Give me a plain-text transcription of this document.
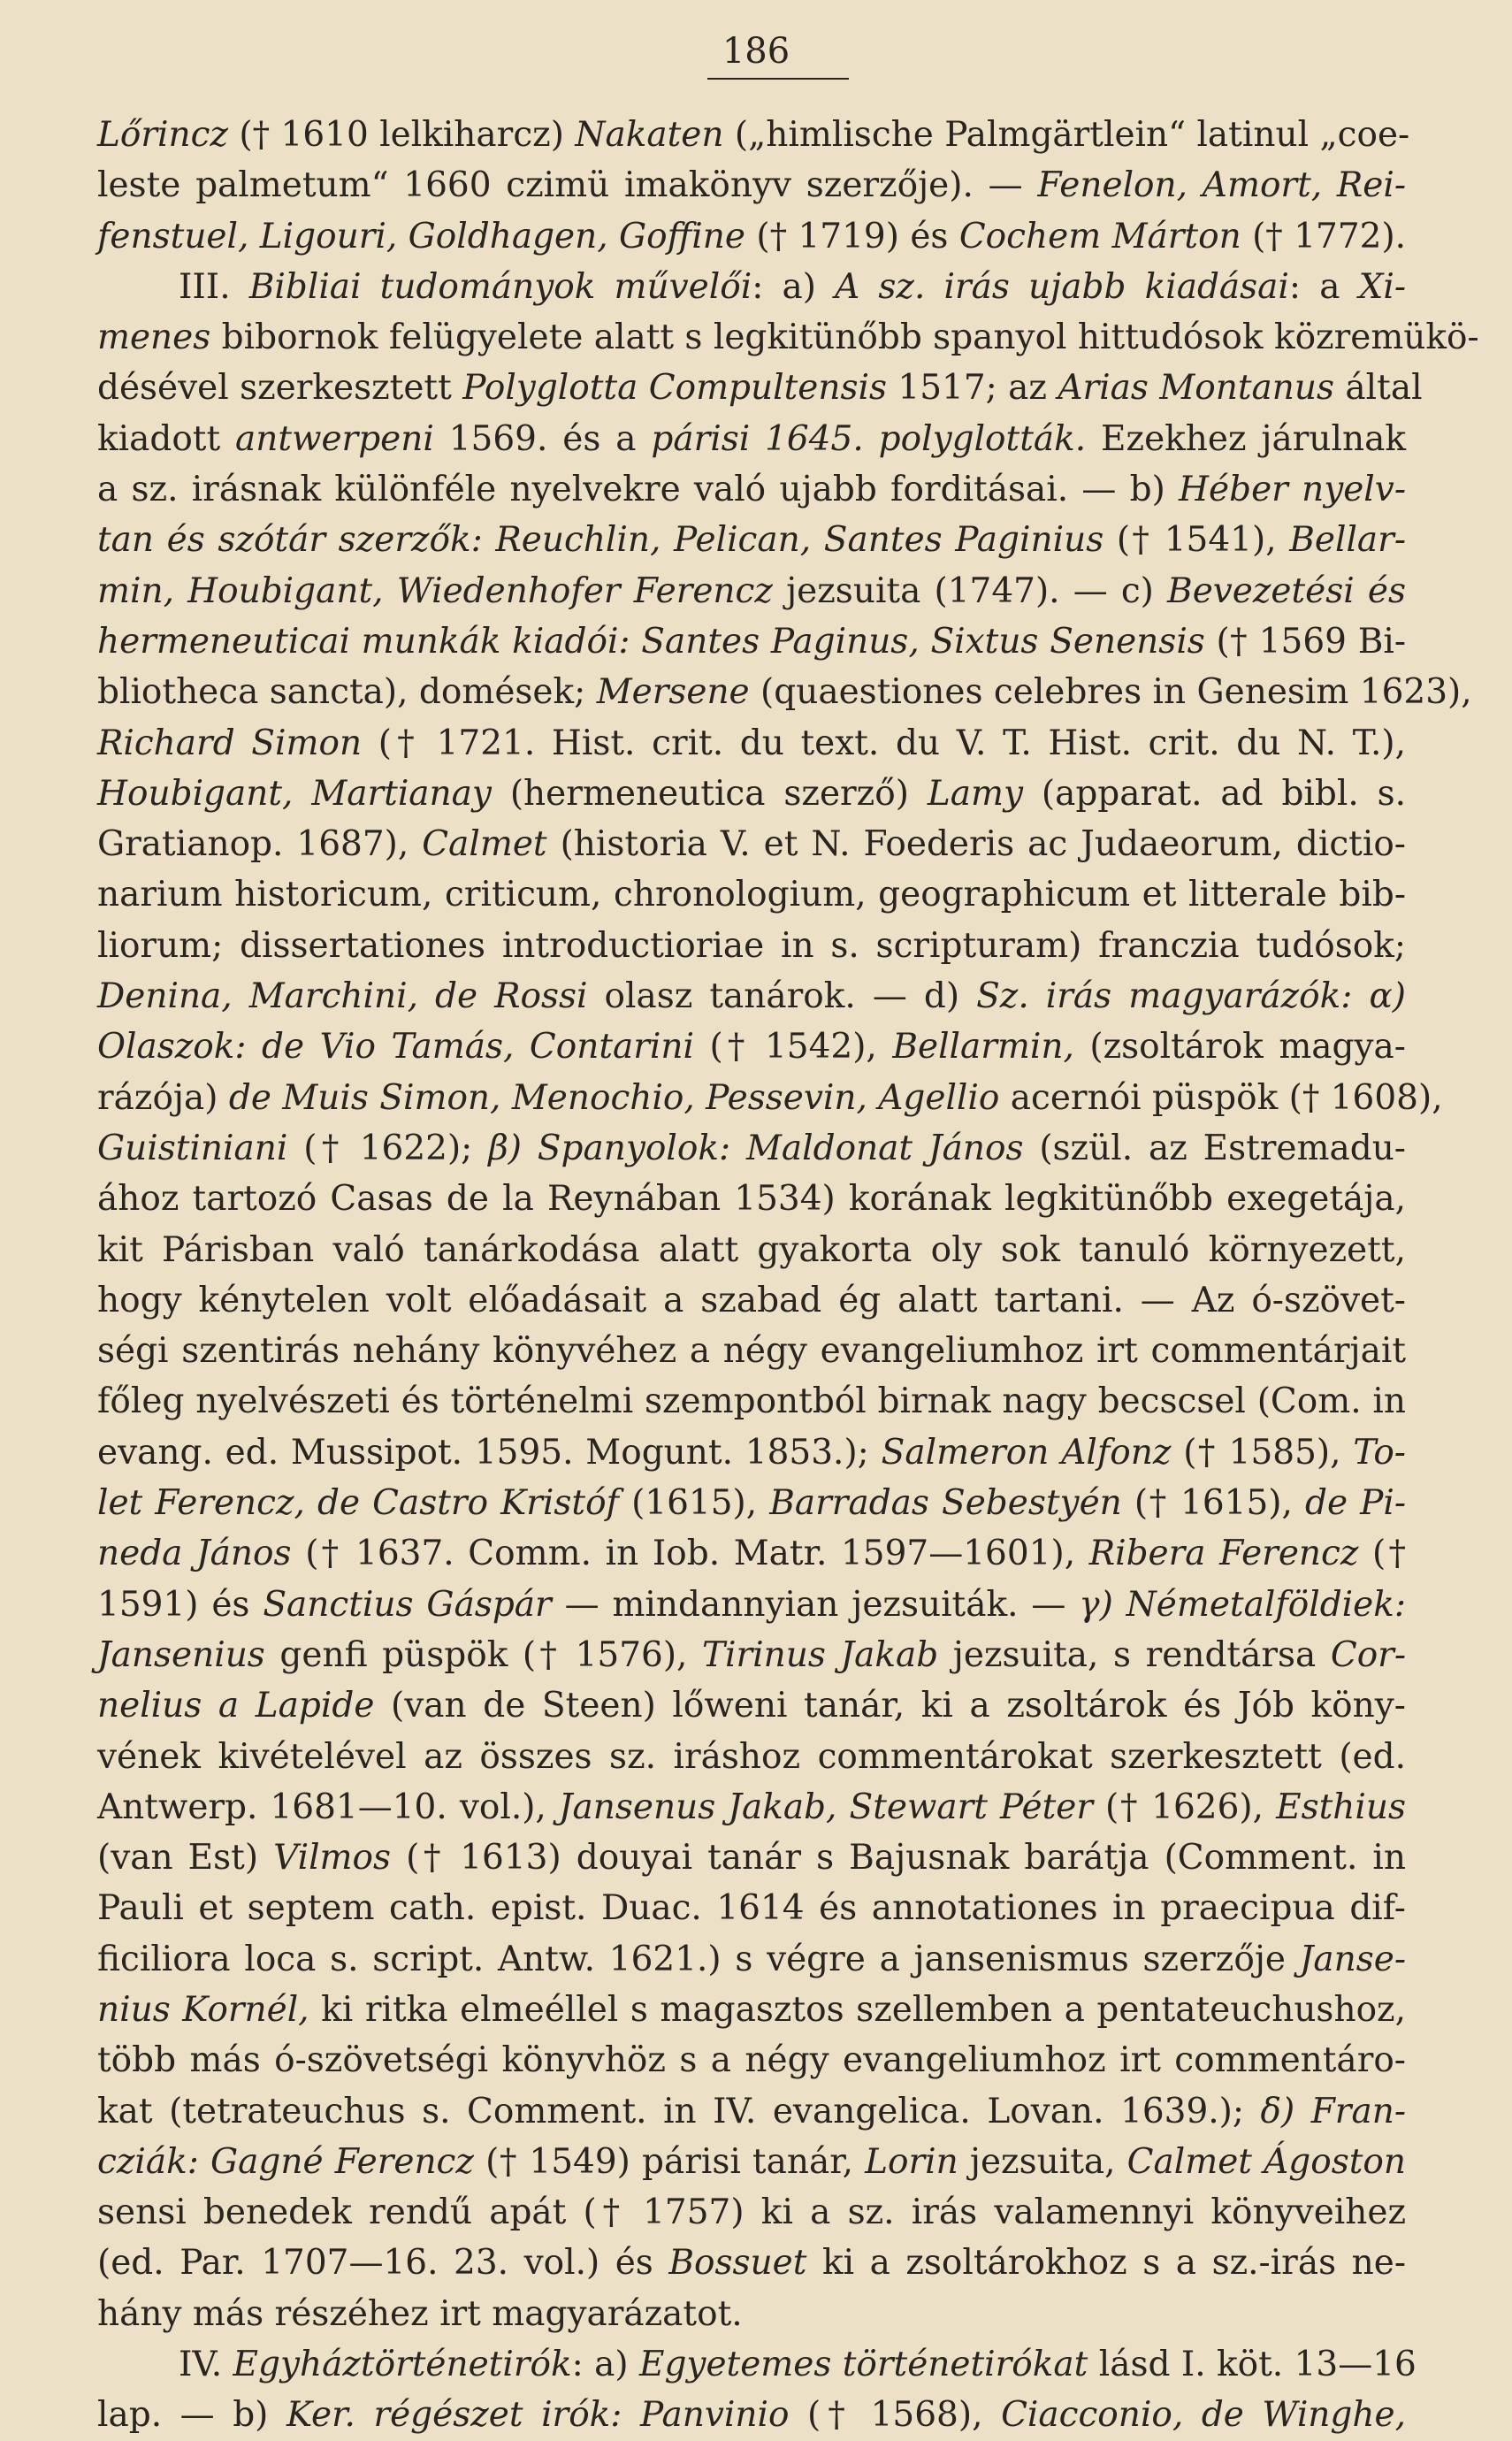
186
Lőrincz († 1610 lelkiharcz) Nakaten („himlische Palmgärtlein“ latinul „coe-
leste palmetum“ 1660 czimü imakönyv szerzője). — Fenelon, Amort, Rei-
fenstuel, Ligouri, Goldhagen, Goffine († 1719) és Cochem Márton († 1772).
III. Bibliai tudományok művelői: a) A sz. irás ujabb kiadásai: a Xi-
menes bibornok felügyelete alatt s legkitünőbb spanyol hittudósok közremükö-
désével szerkesztett Polyglotta Compultensis 1517; az Arias Montanus által
kiadott antwerpeni 1569. és a párisi 1645. polyglották. Ezekhez járulnak
a sz. irásnak különféle nyelvekre való ujabb forditásai. — b) Héber nyelv-
tan és szótár szerzők: Reuchlin, Pelican, Santes Paginius († 1541), Bellar-
min, Houbigant, Wiedenhofer Ferencz jezsuita (1747). — c) Bevezetési és
hermeneuticai munkák kiadói: Santes Paginus, Sixtus Senensis († 1569 Bi-
bliotheca sancta), domések; Mersene (quaestiones celebres in Genesim 1623),
Richard Simon († 1721. Hist. crit. du text. du V. T. Hist. crit. du N. T.),
Houbigant, Martianay (hermeneutica szerző) Lamy (apparat. ad bibl. s.
Gratianop. 1687), Calmet (historia V. et N. Foederis ac Judaeorum, dictio-
narium historicum, criticum, chronologium, geographicum et litterale bib-
liorum; dissertationes introductioriae in s. scripturam) franczia tudósok;
Denina, Marchini, de Rossi olasz tanárok. — d) Sz. irás magyarázók: α)
Olaszok: de Vio Tamás, Contarini († 1542), Bellarmin, (zsoltárok magya-
rázója) de Muis Simon, Menochio, Pessevin, Agellio acernói püspök († 1608),
Guistiniani († 1622); β) Spanyolok: Maldonat János (szül. az Estremadu-
ához tartozó Casas de la Reynában 1534) korának legkitünőbb exegetája,
kit Párisban való tanárkodása alatt gyakorta oly sok tanuló környezett,
hogy kénytelen volt előadásait a szabad ég alatt tartani. — Az ó-szövet-
ségi szentirás nehány könyvéhez a négy evangeliumhoz irt commentárjait
főleg nyelvészeti és történelmi szempontból birnak nagy becscsel (Com. in
evang. ed. Mussipot. 1595. Mogunt. 1853.); Salmeron Alfonz († 1585), To-
let Ferencz, de Castro Kristóf (1615), Barradas Sebestyén († 1615), de Pi-
neda János († 1637. Comm. in Iob. Matr. 1597—1601), Ribera Ferencz (†
1591) és Sanctius Gáspár — mindannyian jezsuiták. — γ) Németalföldiek:
Jansenius genfi püspök († 1576), Tirinus Jakab jezsuita, s rendtársa Cor-
nelius a Lapide (van de Steen) lőweni tanár, ki a zsoltárok és Jób köny-
vének kivételével az összes sz. iráshoz commentárokat szerkesztett (ed.
Antwerp. 1681—10. vol.), Jansenus Jakab, Stewart Péter († 1626), Esthius
(van Est) Vilmos († 1613) douyai tanár s Bajusnak barátja (Comment. in
Pauli et septem cath. epist. Duac. 1614 és annotationes in praecipua dif-
ficiliora loca s. script. Antw. 1621.) s végre a jansenismus szerzője Janse-
nius Kornél, ki ritka elmeéllel s magasztos szellemben a pentateuchushoz,
több más ó-szövetségi könyvhöz s a négy evangeliumhoz irt commentáro-
kat (tetrateuchus s. Comment. in IV. evangelica. Lovan. 1639.); δ) Fran-
cziák: Gagné Ferencz († 1549) párisi tanár, Lorin jezsuita, Calmet Ágoston
sensi benedek rendű apát († 1757) ki a sz. irás valamennyi könyveihez
(ed. Par. 1707—16. 23. vol.) és Bossuet ki a zsoltárokhoz s a sz.-irás ne-
hány más részéhez irt magyarázatot.
IV. Egyháztörténetirók: a) Egyetemes történetirókat lásd I. köt. 13—16
lap. — b) Ker. régészet irók: Panvinio († 1568), Ciacconio, de Winghe,
